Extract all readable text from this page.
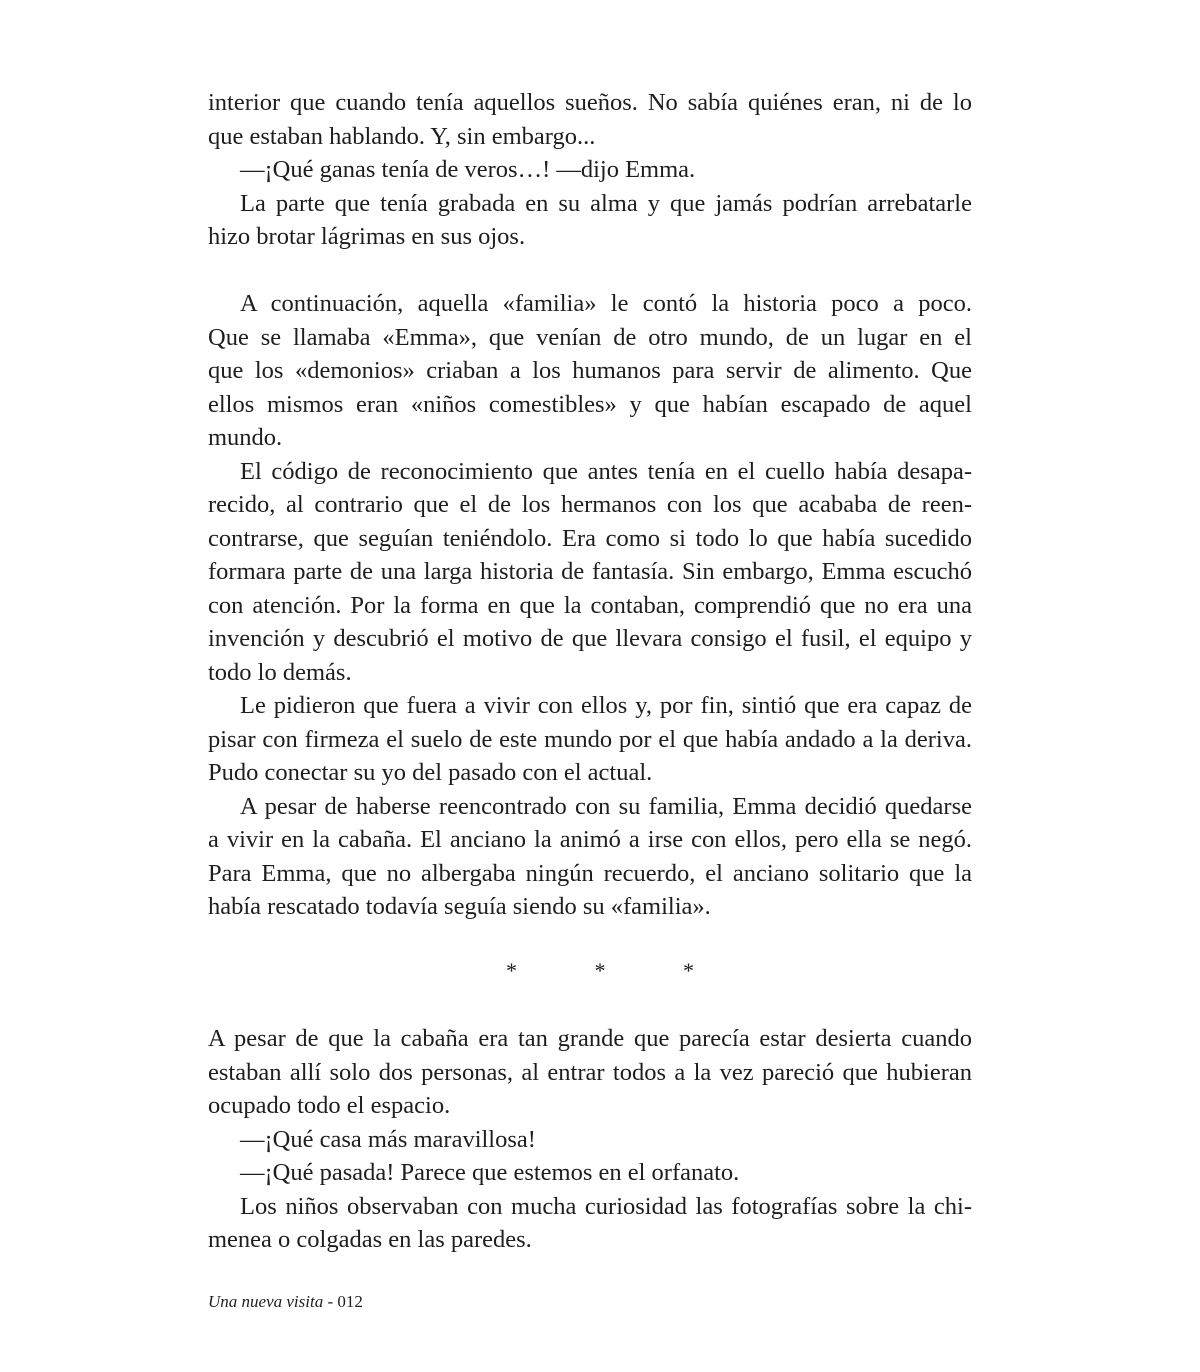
interior que cuando tenía aquellos sueños. No sabía quiénes eran, ni de lo
que estaban hablando. Y, sin embargo...
—¡Qué ganas tenía de veros…! —dijo Emma.
La parte que tenía grabada en su alma y que jamás podrían arrebatarle
hizo brotar lágrimas en sus ojos.
A continuación, aquella «familia» le contó la historia poco a poco.
Que se llamaba «Emma», que venían de otro mundo, de un lugar en el
que los «demonios» criaban a los humanos para servir de alimento. Que
ellos mismos eran «niños comestibles» y que habían escapado de aquel
mundo.
El código de reconocimiento que antes tenía en el cuello había desapa-
recido, al contrario que el de los hermanos con los que acababa de reen-
contrarse, que seguían teniéndolo. Era como si todo lo que había sucedido
formara parte de una larga historia de fantasía. Sin embargo, Emma escuchó
con atención. Por la forma en que la contaban, comprendió que no era una
invención y descubrió el motivo de que llevara consigo el fusil, el equipo y
todo lo demás.
Le pidieron que fuera a vivir con ellos y, por fin, sintió que era capaz de
pisar con firmeza el suelo de este mundo por el que había andado a la deriva.
Pudo conectar su yo del pasado con el actual.
A pesar de haberse reencontrado con su familia, Emma decidió quedarse
a vivir en la cabaña. El anciano la animó a irse con ellos, pero ella se negó.
Para Emma, que no albergaba ningún recuerdo, el anciano solitario que la
había rescatado todavía seguía siendo su «familia».
* * *
A pesar de que la cabaña era tan grande que parecía estar desierta cuando
estaban allí solo dos personas, al entrar todos a la vez pareció que hubieran
ocupado todo el espacio.
—¡Qué casa más maravillosa!
—¡Qué pasada! Parece que estemos en el orfanato.
Los niños observaban con mucha curiosidad las fotografías sobre la chi-
menea o colgadas en las paredes.
Una nueva visita - 012
